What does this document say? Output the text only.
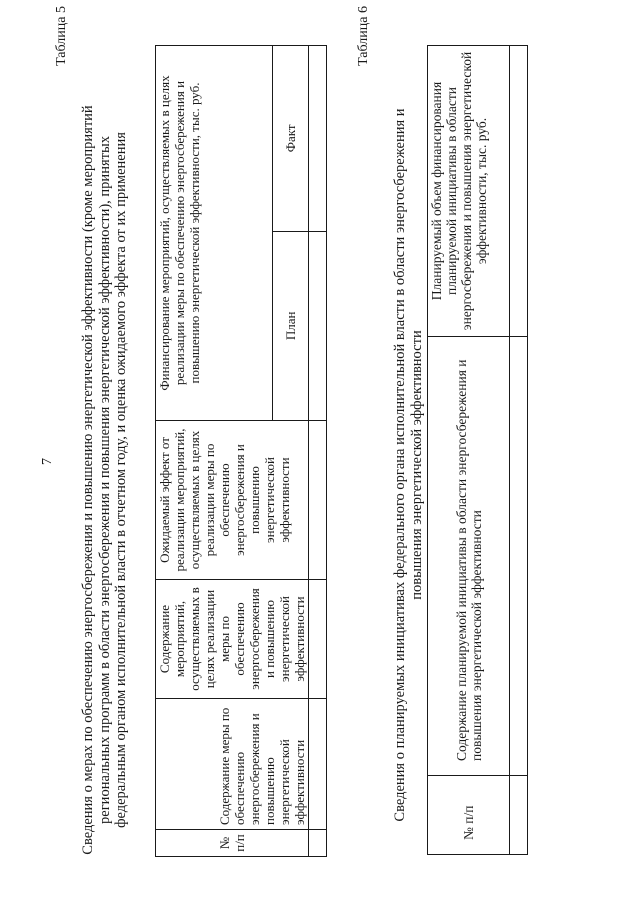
7
Таблица 5
Сведения о мерах по обеспечению энергосбережения и повышению энергетической эффективности (кроме мероприятий региональных программ в области энергосбережения и повышения энергетической эффективности), принятых федеральным органом исполнительной власти в отчетном году, и оценка ожидаемого эффекта от их применения
№ п/п	Содержание меры по обеспечению энергосбережения и повышению энергетической эффективности	Содержание мероприятий, осуществляемых в целях реализации меры по обеспечению энергосбережения и повышению энергетической эффективности	Ожидаемый эффект от реализации мероприятий, осуществляемых в целях реализации меры по обеспечению энергосбережения и повышению энергетической эффективности	Финансирование мероприятий, осуществляемых в целях реализации меры по обеспечению энергосбережения и повышению энергетической эффективности, тыс. руб.	
				План	Факт

Таблица 6
Сведения о планируемых инициативах федерального органа исполнительной власти в области энергосбережения и повышения энергетической эффективности
№ п/п	Содержание планируемой инициативы в области энергосбережения и повышения энергетической эффективности	Планируемый объем финансирования планируемой инициативы в области энергосбережения и повышения энергетической эффективности, тыс. руб.
